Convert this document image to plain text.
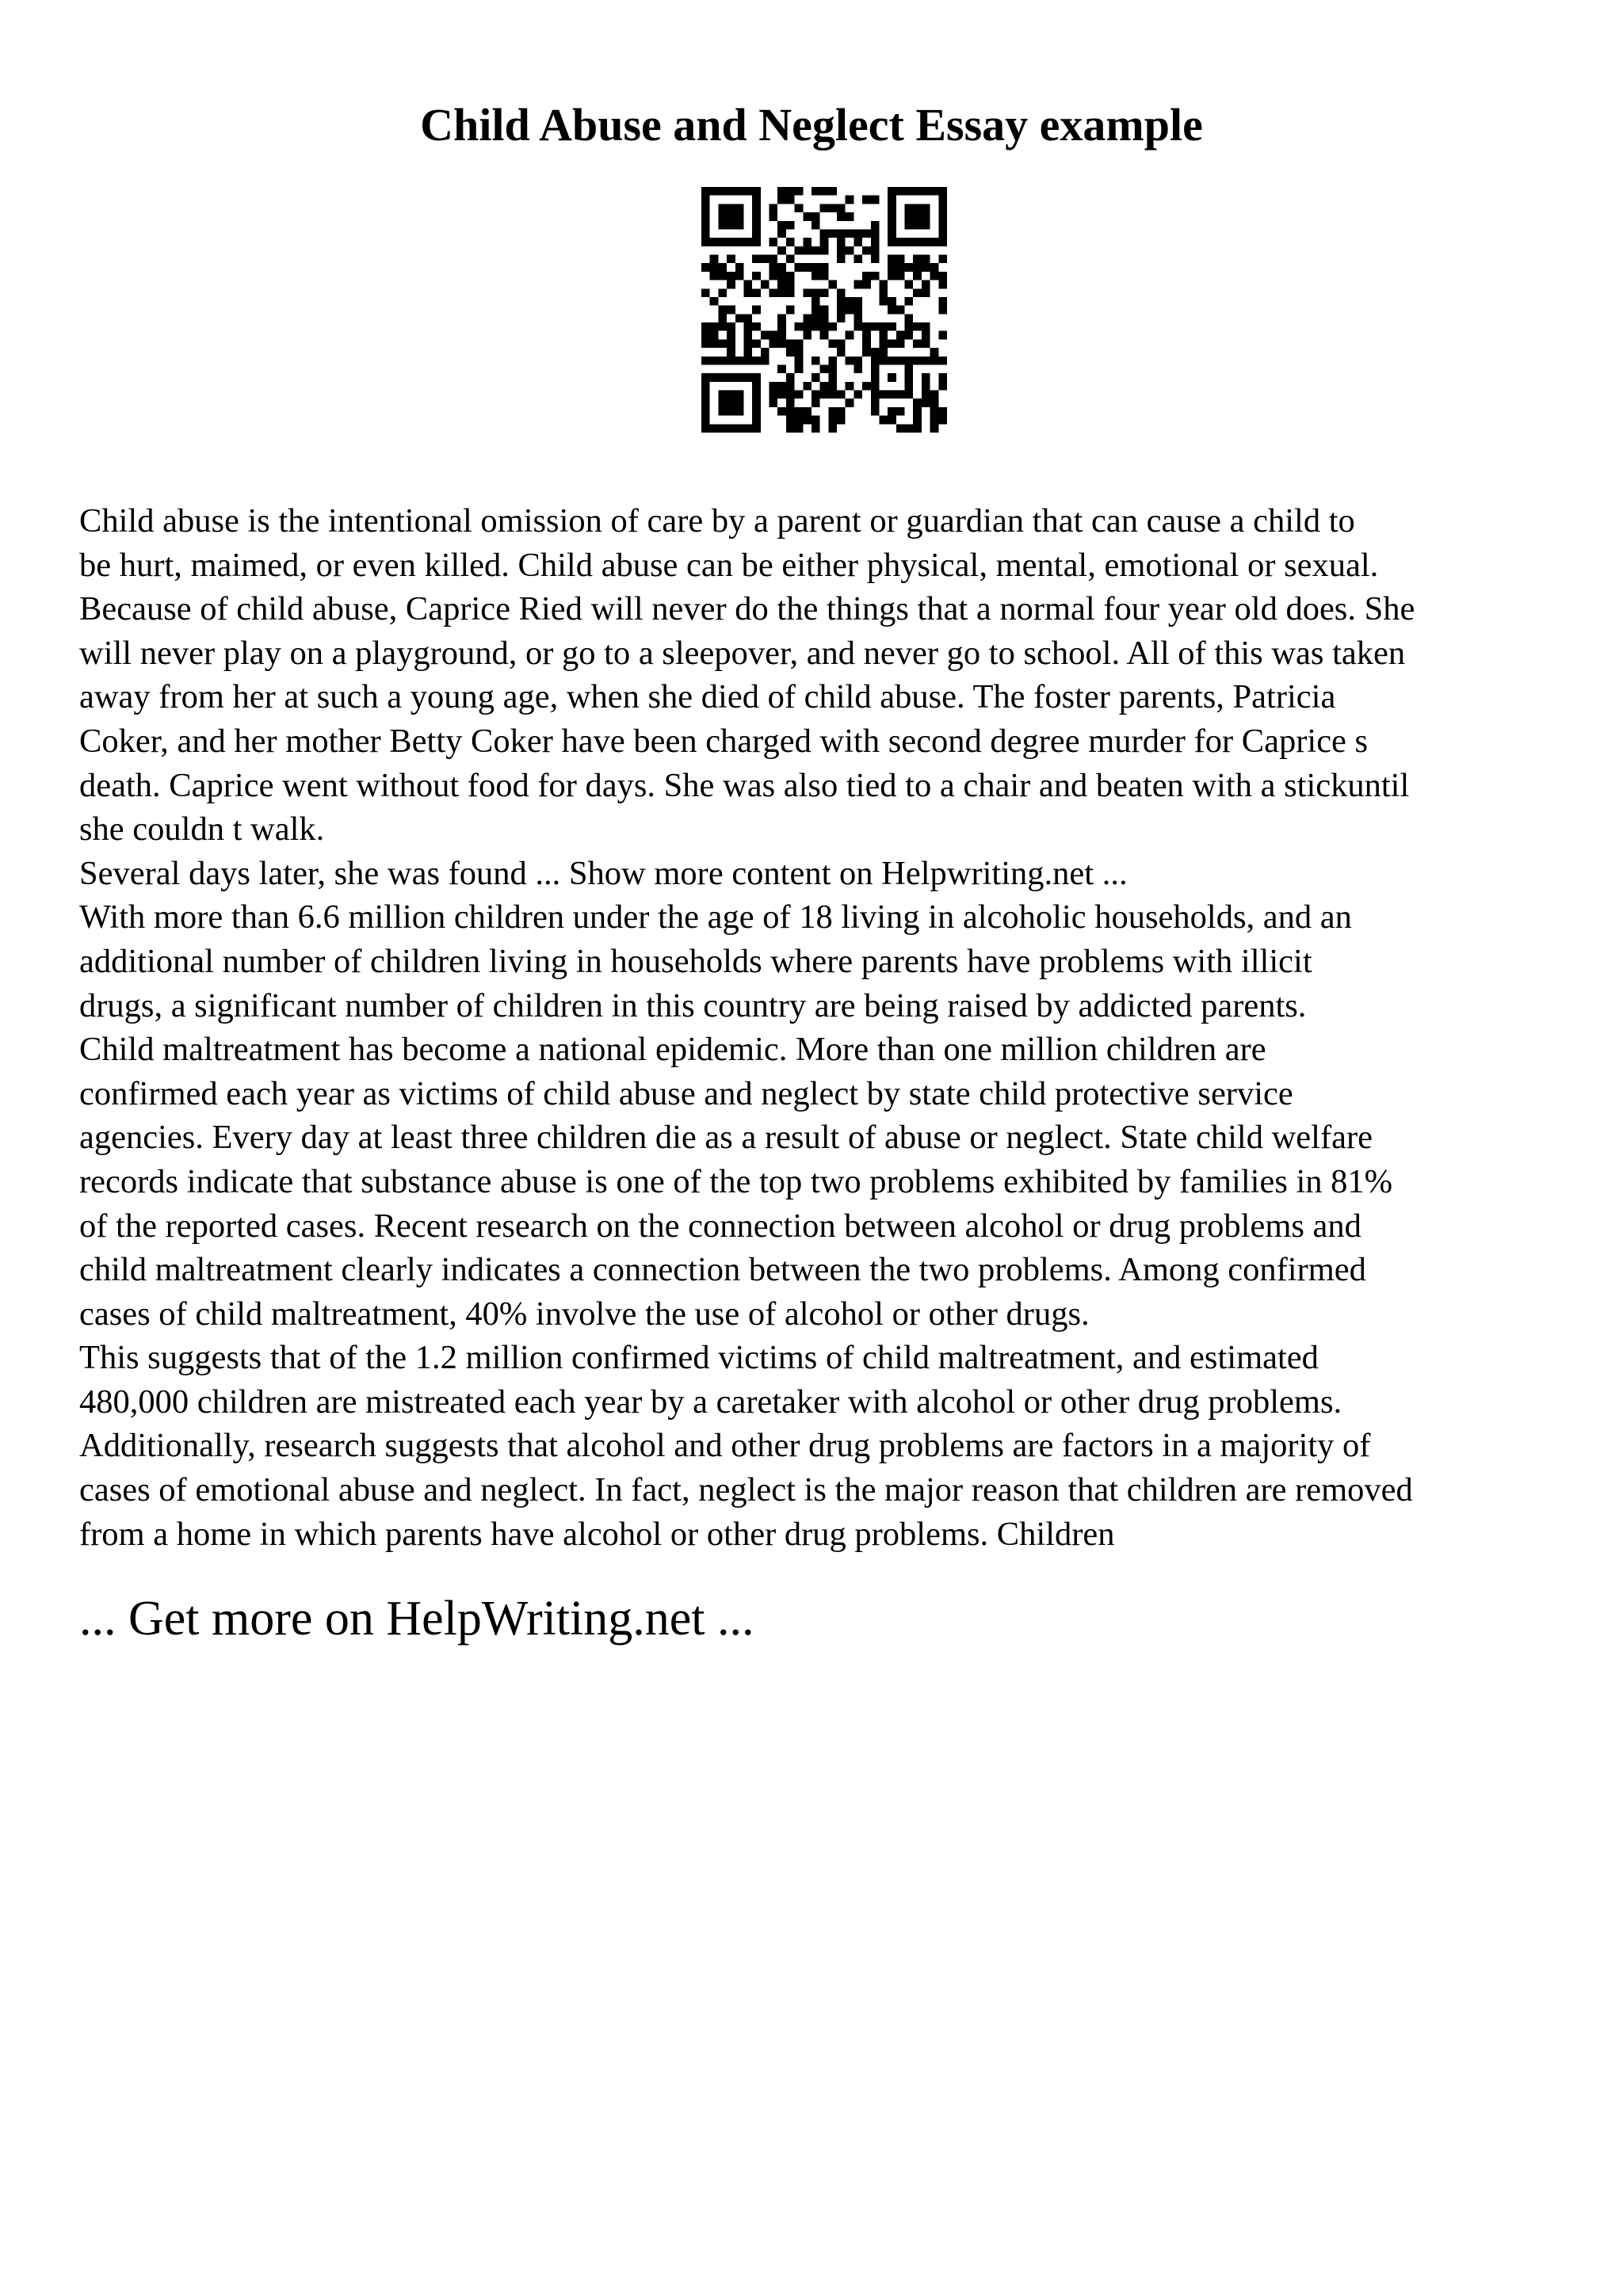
Child Abuse and Neglect Essay example
Child abuse is the intentional omission of care by a parent or guardian that can cause a child to
be hurt, maimed, or even killed. Child abuse can be either physical, mental, emotional or sexual.
Because of child abuse, Caprice Ried will never do the things that a normal four year old does. She
will never play on a playground, or go to a sleepover, and never go to school. All of this was taken
away from her at such a young age, when she died of child abuse. The foster parents, Patricia
Coker, and her mother Betty Coker have been charged with second degree murder for Caprice s
death. Caprice went without food for days. She was also tied to a chair and beaten with a stickuntil
she couldn t walk.
Several days later, she was found ... Show more content on Helpwriting.net ...
With more than 6.6 million children under the age of 18 living in alcoholic households, and an
additional number of children living in households where parents have problems with illicit
drugs, a significant number of children in this country are being raised by addicted parents.
Child maltreatment has become a national epidemic. More than one million children are
confirmed each year as victims of child abuse and neglect by state child protective service
agencies. Every day at least three children die as a result of abuse or neglect. State child welfare
records indicate that substance abuse is one of the top two problems exhibited by families in 81%
of the reported cases. Recent research on the connection between alcohol or drug problems and
child maltreatment clearly indicates a connection between the two problems. Among confirmed
cases of child maltreatment, 40% involve the use of alcohol or other drugs.
This suggests that of the 1.2 million confirmed victims of child maltreatment, and estimated
480,000 children are mistreated each year by a caretaker with alcohol or other drug problems.
Additionally, research suggests that alcohol and other drug problems are factors in a majority of
cases of emotional abuse and neglect. In fact, neglect is the major reason that children are removed
from a home in which parents have alcohol or other drug problems. Children
... Get more on HelpWriting.net ...
